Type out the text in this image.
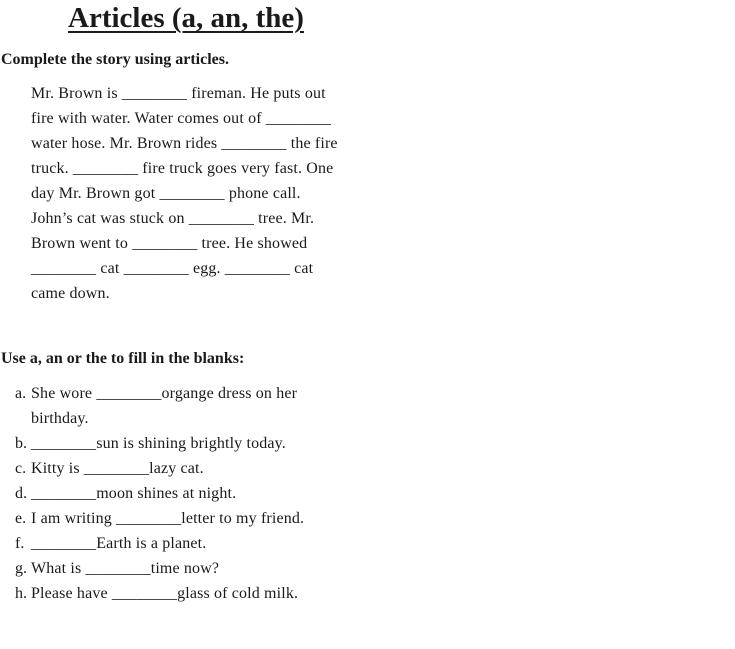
Articles (a, an, the)
Complete the story using articles.
Mr. Brown is ________ fireman. He puts out
fire with water. Water comes out of ________
water hose. Mr. Brown rides ________ the fire
truck. ________ fire truck goes very fast. One
day Mr. Brown got ________ phone call.
John’s cat was stuck on ________ tree. Mr.
Brown went to ________ tree. He showed
________ cat ________ egg. ________ cat
came down.
Use a, an or the to fill in the blanks:
a. She wore ________organge dress on her
birthday.
b. ________sun is shining brightly today.
c. Kitty is ________lazy cat.
d. ________moon shines at night.
e. I am writing ________letter to my friend.
f. ________Earth is a planet.
g. What is ________time now?
h. Please have ________glass of cold milk.
